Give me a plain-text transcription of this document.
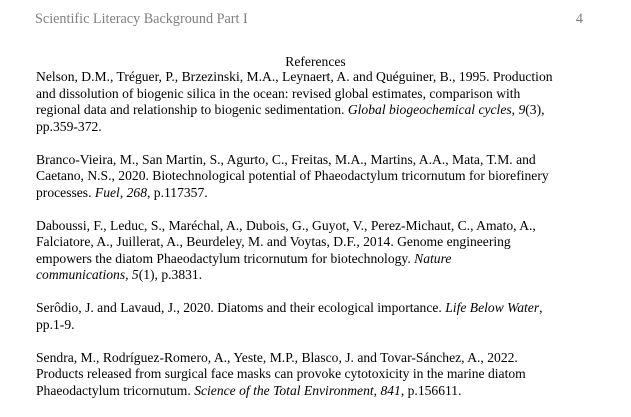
Scientific Literacy Background Part I	4
References

Nelson, D.M., Tréguer, P., Brzezinski, M.A., Leynaert, A. and Quéguiner, B., 1995. Production
and dissolution of biogenic silica in the ocean: revised global estimates, comparison with
regional data and relationship to biogenic sedimentation. Global biogeochemical cycles, 9(3),
pp.359-372.

Branco-Vieira, M., San Martin, S., Agurto, C., Freitas, M.A., Martins, A.A., Mata, T.M. and
Caetano, N.S., 2020. Biotechnological potential of Phaeodactylum tricornutum for biorefinery
processes. Fuel, 268, p.117357.

Daboussi, F., Leduc, S., Maréchal, A., Dubois, G., Guyot, V., Perez-Michaut, C., Amato, A.,
Falciatore, A., Juillerat, A., Beurdeley, M. and Voytas, D.F., 2014. Genome engineering
empowers the diatom Phaeodactylum tricornutum for biotechnology. Nature
communications, 5(1), p.3831.

Serôdio, J. and Lavaud, J., 2020. Diatoms and their ecological importance. Life Below Water,
pp.1-9.

Sendra, M., Rodríguez-Romero, A., Yeste, M.P., Blasco, J. and Tovar-Sánchez, A., 2022.
Products released from surgical face masks can provoke cytotoxicity in the marine diatom
Phaeodactylum tricornutum. Science of the Total Environment, 841, p.156611.
